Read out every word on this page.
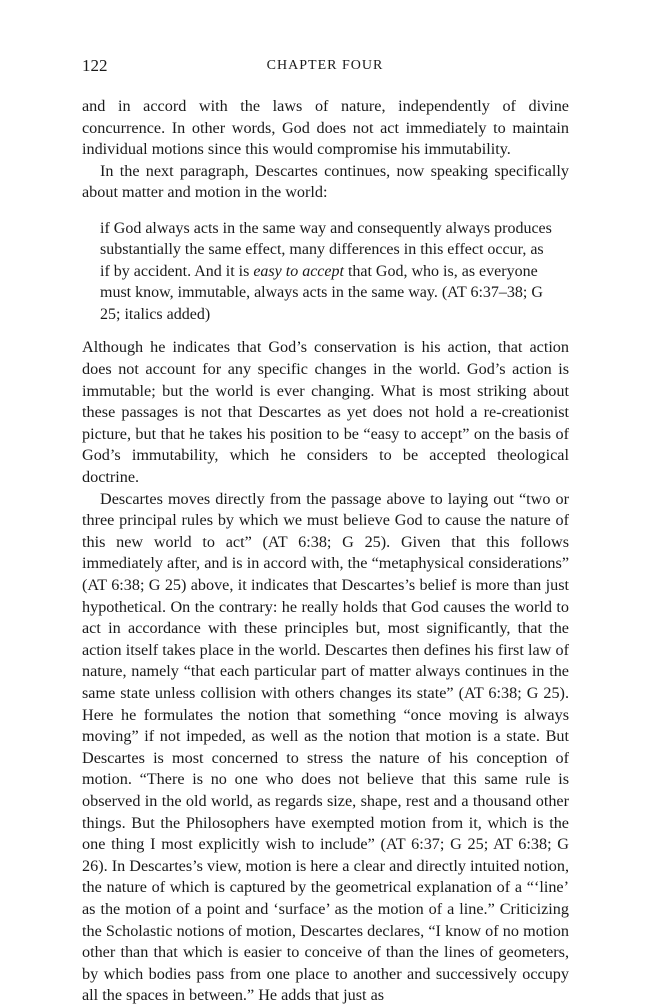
122	CHAPTER FOUR

and in accord with the laws of nature, independently of divine concurrence. In other words, God does not act immediately to maintain individual motions since this would compromise his immutability.

In the next paragraph, Descartes continues, now speaking specifically about matter and motion in the world:

if God always acts in the same way and consequently always produces substantially the same effect, many differences in this effect occur, as if by accident. And it is easy to accept that God, who is, as everyone must know, immutable, always acts in the same way. (AT 6:37–38; G 25; italics added)

Although he indicates that God’s conservation is his action, that action does not account for any specific changes in the world. God’s action is immutable; but the world is ever changing. What is most striking about these passages is not that Descartes as yet does not hold a re-creationist picture, but that he takes his position to be “easy to accept” on the basis of God’s immutability, which he considers to be accepted theological doctrine.

Descartes moves directly from the passage above to laying out “two or three principal rules by which we must believe God to cause the nature of this new world to act” (AT 6:38; G 25). Given that this follows immediately after, and is in accord with, the “metaphysical considerations” (AT 6:38; G 25) above, it indicates that Descartes’s belief is more than just hypothetical. On the contrary: he really holds that God causes the world to act in accordance with these principles but, most significantly, that the action itself takes place in the world. Descartes then defines his first law of nature, namely “that each particular part of matter always continues in the same state unless collision with others changes its state” (AT 6:38; G 25). Here he formulates the notion that something “once moving is always moving” if not impeded, as well as the notion that motion is a state. But Descartes is most concerned to stress the nature of his conception of motion. “There is no one who does not believe that this same rule is observed in the old world, as regards size, shape, rest and a thousand other things. But the Philosophers have exempted motion from it, which is the one thing I most explicitly wish to include” (AT 6:37; G 25; AT 6:38; G 26). In Descartes’s view, motion is here a clear and directly intuited notion, the nature of which is captured by the geometrical explanation of a “‘line’ as the motion of a point and ‘surface’ as the motion of a line.” Criticizing the Scholastic notions of motion, Descartes declares, “I know of no motion other than that which is easier to conceive of than the lines of geometers, by which bodies pass from one place to another and successively occupy all the spaces in between.” He adds that just as
